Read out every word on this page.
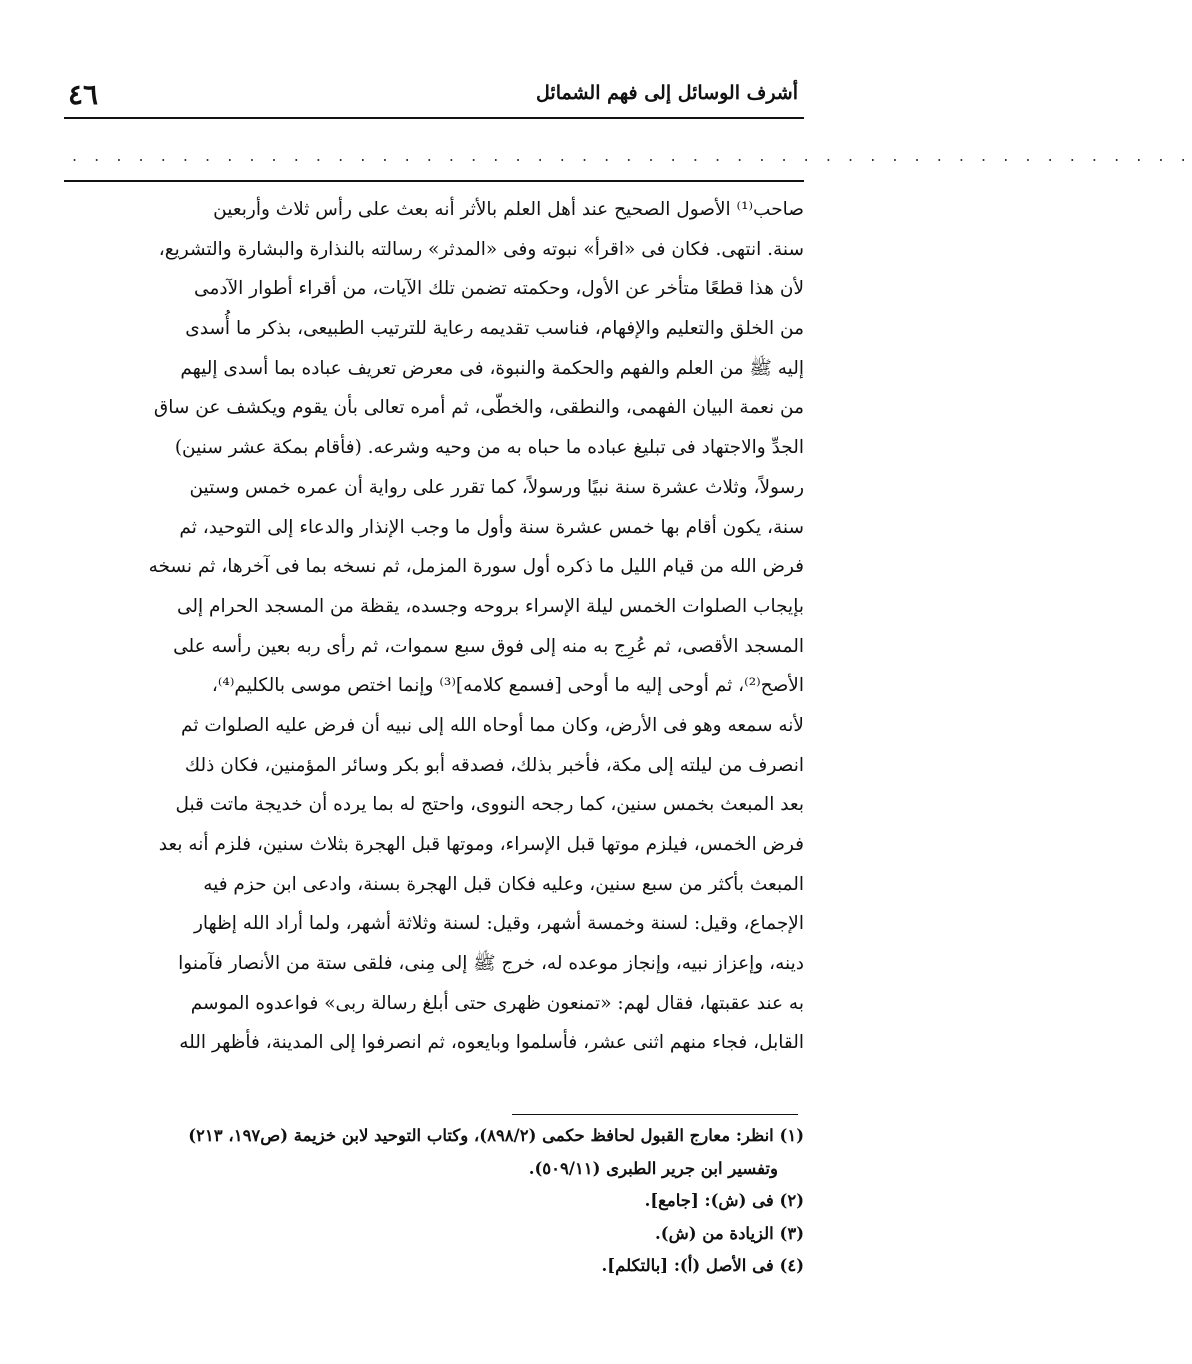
٤٦	أشرف الوسائل إلى فهم الشمائل
. . . . . . . . . . . . . . . . . . . . . . . . . . . . . . . . . . . . . . . . . . . . . . . . . . .
صاحب⁽¹⁾ الأصول الصحيح عند أهل العلم بالأثر أنه بعث على رأس ثلاث وأربعين
سنة. انتهى. فكان فى «اقرأ» نبوته وفى «المدثر» رسالته بالنذارة والبشارة والتشريع،
لأن هذا قطعًا متأخر عن الأول، وحكمته تضمن تلك الآيات، من أقراء أطوار الآدمى
من الخلق والتعليم والإفهام، فناسب تقديمه رعاية للترتيب الطبيعى، بذكر ما أُسدى
إليه ﷺ من العلم والفهم والحكمة والنبوة، فى معرض تعريف عباده بما أسدى إليهم
من نعمة البيان الفهمى، والنطقى، والخطّى، ثم أمره تعالى بأن يقوم ويكشف عن ساق
الجدِّ والاجتهاد فى تبليغ عباده ما حباه به من وحيه وشرعه. (فأقام بمكة عشر سنين)
رسولاً، وثلاث عشرة سنة نبيًا ورسولاً، كما تقرر على رواية أن عمره خمس وستين
سنة، يكون أقام بها خمس عشرة سنة وأول ما وجب الإنذار والدعاء إلى التوحيد، ثم
فرض الله من قيام الليل ما ذكره أول سورة المزمل، ثم نسخه بما فى آخرها، ثم نسخه
بإيجاب الصلوات الخمس ليلة الإسراء بروحه وجسده، يقظة من المسجد الحرام إلى
المسجد الأقصى، ثم عُرِج به منه إلى فوق سبع سموات، ثم رأى ربه بعين رأسه على
الأصح⁽²⁾، ثم أوحى إليه ما أوحى [فسمع كلامه]⁽³⁾ وإنما اختص موسى بالكليم⁽⁴⁾،
لأنه سمعه وهو فى الأرض، وكان مما أوحاه الله إلى نبيه أن فرض عليه الصلوات ثم
انصرف من ليلته إلى مكة، فأخبر بذلك، فصدقه أبو بكر وسائر المؤمنين، فكان ذلك
بعد المبعث بخمس سنين، كما رجحه النووى، واحتج له بما يرده أن خديجة ماتت قبل
فرض الخمس، فيلزم موتها قبل الإسراء، وموتها قبل الهجرة بثلاث سنين، فلزم أنه بعد
المبعث بأكثر من سبع سنين، وعليه فكان قبل الهجرة بسنة، وادعى ابن حزم فيه
الإجماع، وقيل: لسنة وخمسة أشهر، وقيل: لسنة وثلاثة أشهر، ولما أراد الله إظهار
دينه، وإعزاز نبيه، وإنجاز موعده له، خرج ﷺ إلى مِنى، فلقى ستة من الأنصار فآمنوا
به عند عقبتها، فقال لهم: «تمنعون ظهرى حتى أبلغ رسالة ربى» فواعدوه الموسم
القابل، فجاء منهم اثنى عشر، فأسلموا وبايعوه، ثم انصرفوا إلى المدينة، فأظهر الله
(١) انظر: معارج القبول لحافظ حكمى (٨٩٨/٢)، وكتاب التوحيد لابن خزيمة (ص١٩٧، ٢١٣)
وتفسير ابن جرير الطبرى (٥٠٩/١١).
(٢) فى (ش): [جامع].
(٣) الزيادة من (ش).
(٤) فى الأصل (أ): [بالتكلم].
